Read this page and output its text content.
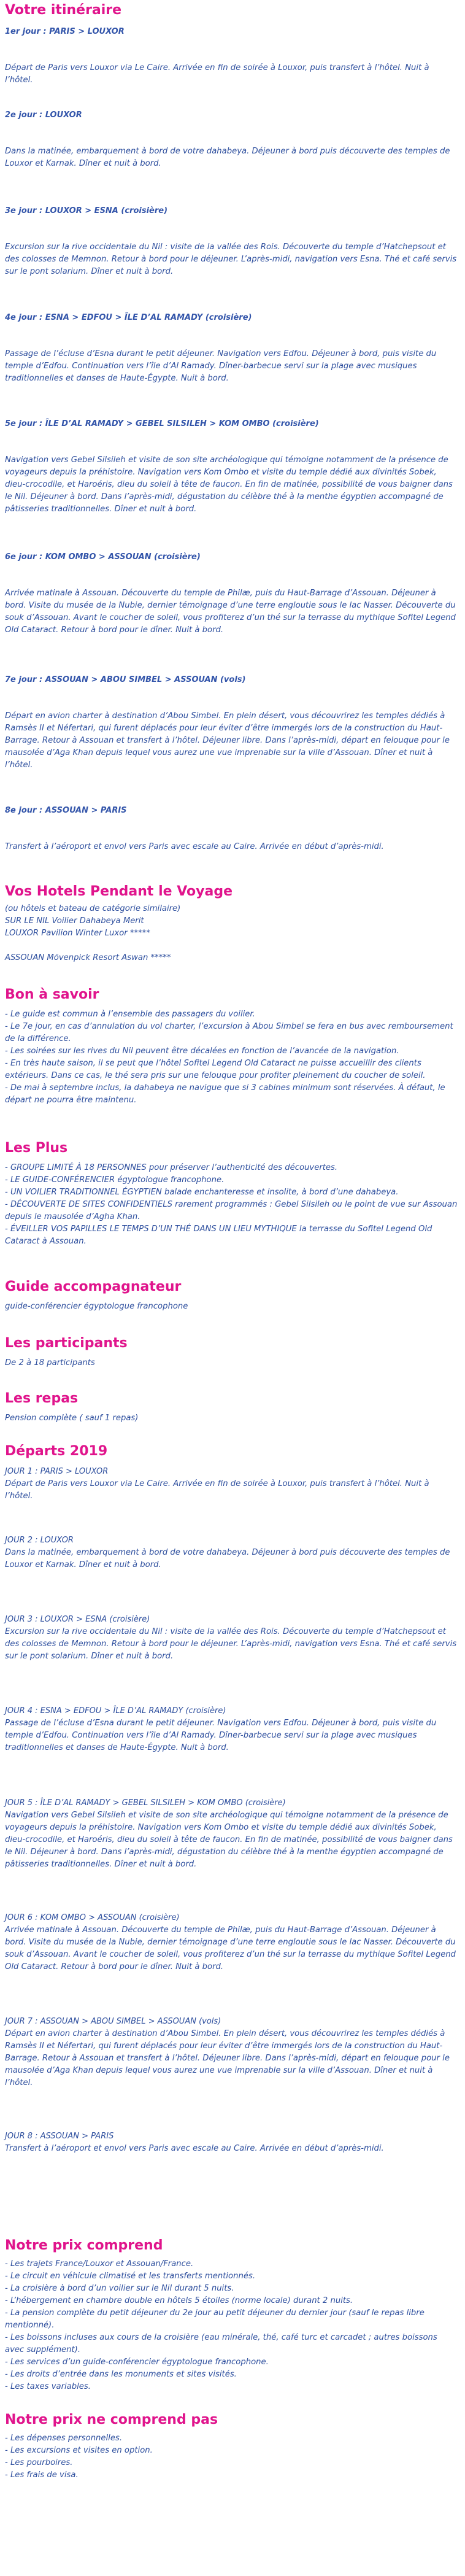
Votre itinéraire

1er jour : PARIS > LOUXOR

Départ de Paris vers Louxor via Le Caire. Arrivée en fin de soirée à Louxor, puis transfert à l’hôtel. Nuit à l’hôtel.

2e jour : LOUXOR

Dans la matinée, embarquement à bord de votre dahabeya. Déjeuner à bord puis découverte des temples de Louxor et Karnak. Dîner et nuit à bord.

3e jour : LOUXOR > ESNA (croisière)

Excursion sur la rive occidentale du Nil : visite de la vallée des Rois. Découverte du temple d’Hatchepsout et des colosses de Memnon. Retour à bord pour le déjeuner. L’après-midi, navigation vers Esna. Thé et café servis sur le pont solarium. Dîner et nuit à bord.

4e jour : ESNA > EDFOU > ÎLE D’AL RAMADY (croisière)

Passage de l’écluse d’Esna durant le petit déjeuner. Navigation vers Edfou. Déjeuner à bord, puis visite du temple d’Edfou. Continuation vers l’île d’Al Ramady. Dîner-barbecue servi sur la plage avec musiques traditionnelles et danses de Haute-Égypte. Nuit à bord.

5e jour : ÎLE D’AL RAMADY > GEBEL SILSILEH > KOM OMBO (croisière)

Navigation vers Gebel Silsileh et visite de son site archéologique qui témoigne notamment de la présence de voyageurs depuis la préhistoire. Navigation vers Kom Ombo et visite du temple dédié aux divinités Sobek, dieu-crocodile, et Haroéris, dieu du soleil à tête de faucon. En fin de matinée, possibilité de vous baigner dans le Nil. Déjeuner à bord. Dans l’après-midi, dégustation du célèbre thé à la menthe égyptien accompagné de pâtisseries traditionnelles. Dîner et nuit à bord.

6e jour : KOM OMBO > ASSOUAN (croisière)

Arrivée matinale à Assouan. Découverte du temple de Philæ, puis du Haut-Barrage d’Assouan. Déjeuner à bord. Visite du musée de la Nubie, dernier témoignage d’une terre engloutie sous le lac Nasser. Découverte du souk d’Assouan. Avant le coucher de soleil, vous profiterez d’un thé sur la terrasse du mythique Sofitel Legend Old Cataract. Retour à bord pour le dîner. Nuit à bord.

7e jour : ASSOUAN > ABOU SIMBEL > ASSOUAN (vols)

Départ en avion charter à destination d’Abou Simbel. En plein désert, vous découvrirez les temples dédiés à Ramsès II et Néfertari, qui furent déplacés pour leur éviter d’être immergés lors de la construction du Haut-Barrage. Retour à Assouan et transfert à l’hôtel. Déjeuner libre. Dans l’après-midi, départ en felouque pour le mausolée d’Aga Khan depuis lequel vous aurez une vue imprenable sur la ville d’Assouan. Dîner et nuit à l’hôtel.

8e jour : ASSOUAN > PARIS

Transfert à l’aéroport et envol vers Paris avec escale au Caire. Arrivée en début d’après-midi.

Vos Hotels Pendant le Voyage

(ou hôtels et bateau de catégorie similaire)

SUR LE NIL Voilier Dahabeya Merit

LOUXOR Pavilion Winter Luxor *****

ASSOUAN Mövenpick Resort Aswan *****

Bon à savoir

- Le guide est commun à l’ensemble des passagers du voilier.

- Le 7e jour, en cas d’annulation du vol charter, l’excursion à Abou Simbel se fera en bus avec remboursement de la différence.

- Les soirées sur les rives du Nil peuvent être décalées en fonction de l’avancée de la navigation.

- En très haute saison, il se peut que l’hôtel Sofitel Legend Old Cataract ne puisse accueillir des clients extérieurs. Dans ce cas, le thé sera pris sur une felouque pour profiter pleinement du coucher de soleil.

- De mai à septembre inclus, la dahabeya ne navigue que si 3 cabines minimum sont réservées. À défaut, le départ ne pourra être maintenu.

Les Plus

- GROUPE LIMITÉ À 18 PERSONNES pour préserver l’authenticité des découvertes.

- LE GUIDE-CONFÉRENCIER égyptologue francophone.

- UN VOILIER TRADITIONNEL ÉGYPTIEN balade enchanteresse et insolite, à bord d’une dahabeya.

- DÉCOUVERTE DE SITES CONFIDENTIELS rarement programmés : Gebel Silsileh ou le point de vue sur Assouan depuis le mausolée d’Agha Khan.

- ÉVEILLER VOS PAPILLES LE TEMPS D’UN THÉ DANS UN LIEU MYTHIQUE la terrasse du Sofitel Legend Old Cataract à Assouan.

Guide accompagnateur

guide-conférencier égyptologue francophone

Les participants

De 2 à 18 participants

Les repas

Pension complète ( sauf 1 repas)

Départs 2019

JOUR 1 : PARIS > LOUXOR

Départ de Paris vers Louxor via Le Caire. Arrivée en fin de soirée à Louxor, puis transfert à l’hôtel. Nuit à l’hôtel.

JOUR 2 : LOUXOR

Dans la matinée, embarquement à bord de votre dahabeya. Déjeuner à bord puis découverte des temples de Louxor et Karnak. Dîner et nuit à bord.

JOUR 3 : LOUXOR > ESNA (croisière)

Excursion sur la rive occidentale du Nil : visite de la vallée des Rois. Découverte du temple d’Hatchepsout et des colosses de Memnon. Retour à bord pour le déjeuner. L’après-midi, navigation vers Esna. Thé et café servis sur le pont solarium. Dîner et nuit à bord.

JOUR 4 : ESNA > EDFOU > ÎLE D’AL RAMADY (croisière)

Passage de l’écluse d’Esna durant le petit déjeuner. Navigation vers Edfou. Déjeuner à bord, puis visite du temple d’Edfou. Continuation vers l’île d’Al Ramady. Dîner-barbecue servi sur la plage avec musiques traditionnelles et danses de Haute-Égypte. Nuit à bord.

JOUR 5 : ÎLE D’AL RAMADY > GEBEL SILSILEH > KOM OMBO (croisière)

Navigation vers Gebel Silsileh et visite de son site archéologique qui témoigne notamment de la présence de voyageurs depuis la préhistoire. Navigation vers Kom Ombo et visite du temple dédié aux divinités Sobek, dieu-crocodile, et Haroéris, dieu du soleil à tête de faucon. En fin de matinée, possibilité de vous baigner dans le Nil. Déjeuner à bord. Dans l’après-midi, dégustation du célèbre thé à la menthe égyptien accompagné de pâtisseries traditionnelles. Dîner et nuit à bord.

JOUR 6 : KOM OMBO > ASSOUAN (croisière)

Arrivée matinale à Assouan. Découverte du temple de Philæ, puis du Haut-Barrage d’Assouan. Déjeuner à bord. Visite du musée de la Nubie, dernier témoignage d’une terre engloutie sous le lac Nasser. Découverte du souk d’Assouan. Avant le coucher de soleil, vous profiterez d’un thé sur la terrasse du mythique Sofitel Legend Old Cataract. Retour à bord pour le dîner. Nuit à bord.

JOUR 7 : ASSOUAN > ABOU SIMBEL > ASSOUAN (vols)

Départ en avion charter à destination d’Abou Simbel. En plein désert, vous découvrirez les temples dédiés à Ramsès II et Néfertari, qui furent déplacés pour leur éviter d’être immergés lors de la construction du Haut-Barrage. Retour à Assouan et transfert à l’hôtel. Déjeuner libre. Dans l’après-midi, départ en felouque pour le mausolée d’Aga Khan depuis lequel vous aurez une vue imprenable sur la ville d’Assouan. Dîner et nuit à l’hôtel.

JOUR 8 : ASSOUAN > PARIS

Transfert à l’aéroport et envol vers Paris avec escale au Caire. Arrivée en début d’après-midi.

Notre prix comprend

- Les trajets France/Louxor et Assouan/France.

- Le circuit en véhicule climatisé et les transferts mentionnés.

- La croisière à bord d’un voilier sur le Nil durant 5 nuits.

- L’hébergement en chambre double en hôtels 5 étoiles (norme locale) durant 2 nuits.

- La pension complète du petit déjeuner du 2e jour au petit déjeuner du dernier jour (sauf le repas libre mentionné).

- Les boissons incluses aux cours de la croisière (eau minérale, thé, café turc et carcadet ; autres boissons avec supplément).

- Les services d’un guide-conférencier égyptologue francophone.

- Les droits d’entrée dans les monuments et sites visités.

- Les taxes variables.

Notre prix ne comprend pas

- Les dépenses personnelles.

- Les excursions et visites en option.

- Les pourboires.

- Les frais de visa.
